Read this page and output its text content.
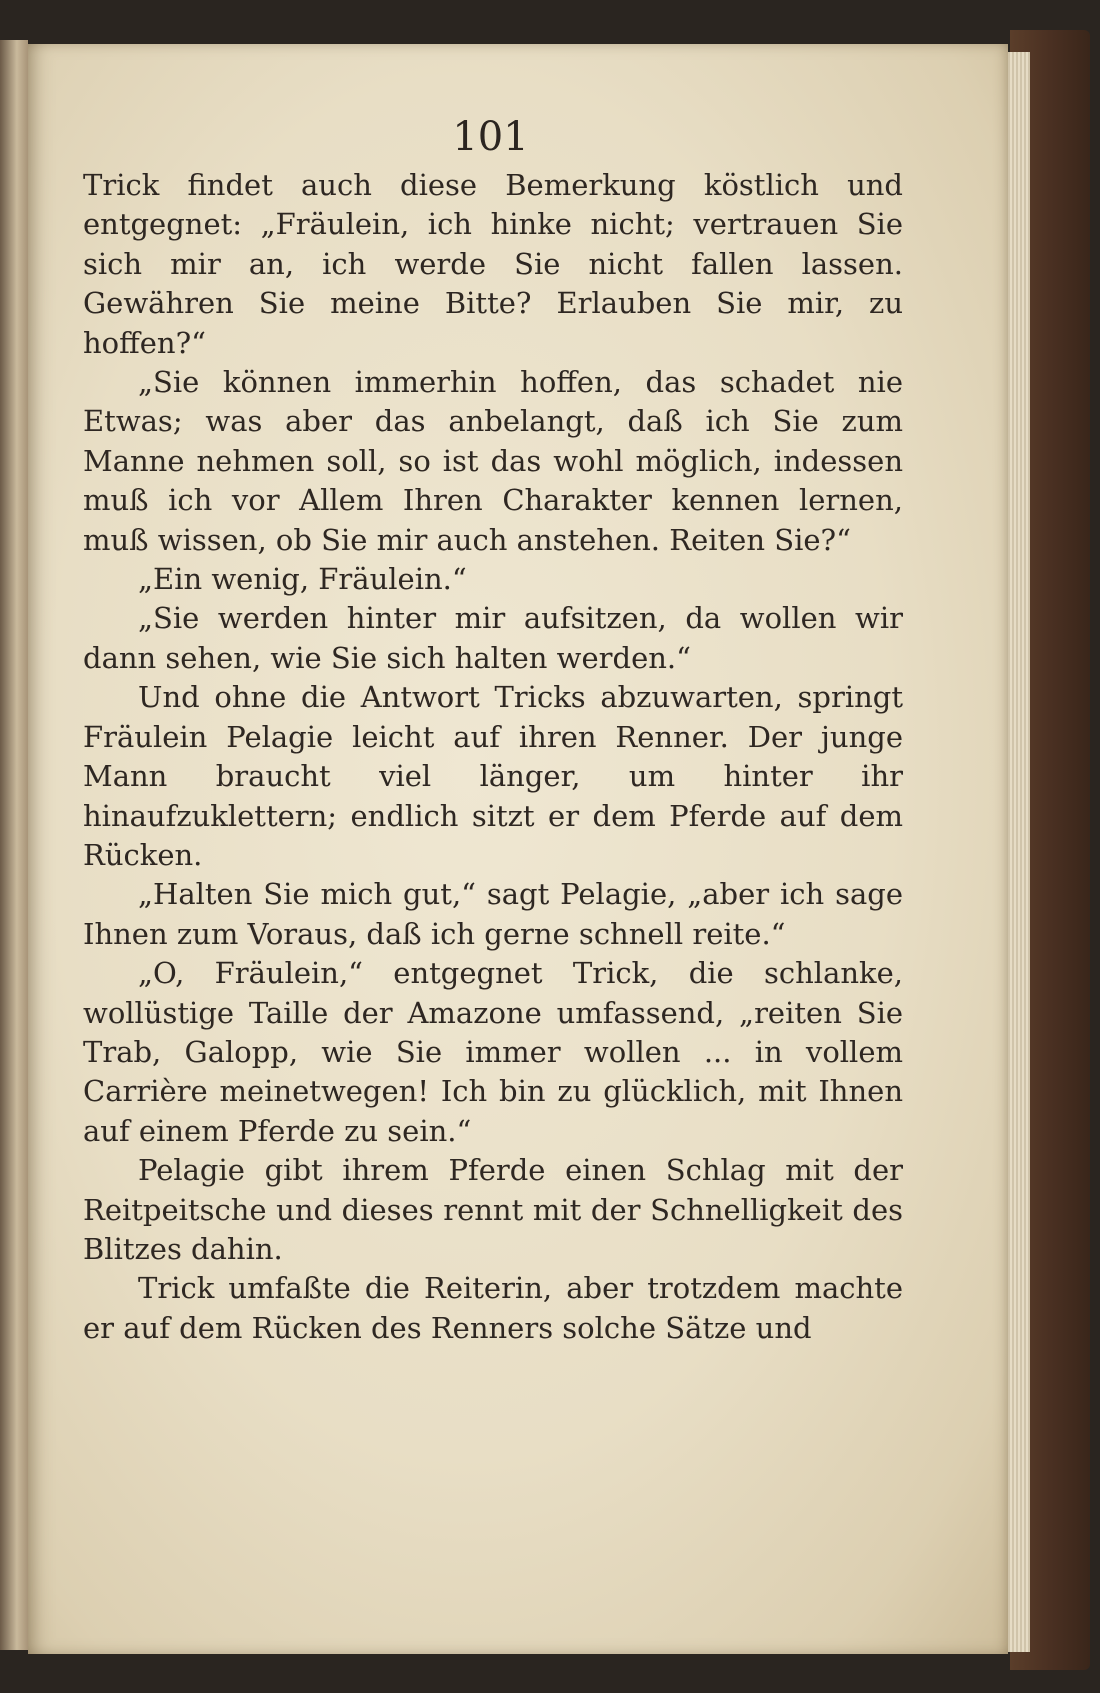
101

Trick findet auch diese Bemerkung köstlich und entgegnet: „Fräulein, ich hinke nicht; vertrauen Sie sich mir an, ich werde Sie nicht fallen lassen. Gewähren Sie meine Bitte? Erlauben Sie mir, zu hoffen?“

„Sie können immerhin hoffen, das schadet nie Etwas; was aber das anbelangt, daß ich Sie zum Manne nehmen soll, so ist das wohl möglich, indessen muß ich vor Allem Ihren Charakter kennen lernen, muß wissen, ob Sie mir auch anstehen. Reiten Sie?“

„Ein wenig, Fräulein.“

„Sie werden hinter mir aufsitzen, da wollen wir dann sehen, wie Sie sich halten werden.“

Und ohne die Antwort Tricks abzuwarten, springt Fräulein Pelagie leicht auf ihren Renner. Der junge Mann braucht viel länger, um hinter ihr hinaufzuklettern; endlich sitzt er dem Pferde auf dem Rücken.

„Halten Sie mich gut,“ sagt Pelagie, „aber ich sage Ihnen zum Voraus, daß ich gerne schnell reite.“

„O, Fräulein,“ entgegnet Trick, die schlanke, wollüstige Taille der Amazone umfassend, „reiten Sie Trab, Galopp, wie Sie immer wollen ... in vollem Carrière meinetwegen! Ich bin zu glücklich, mit Ihnen auf einem Pferde zu sein.“

Pelagie gibt ihrem Pferde einen Schlag mit der Reitpeitsche und dieses rennt mit der Schnelligkeit des Blitzes dahin.

Trick umfaßte die Reiterin, aber trotzdem machte er auf dem Rücken des Renners solche Sätze und
